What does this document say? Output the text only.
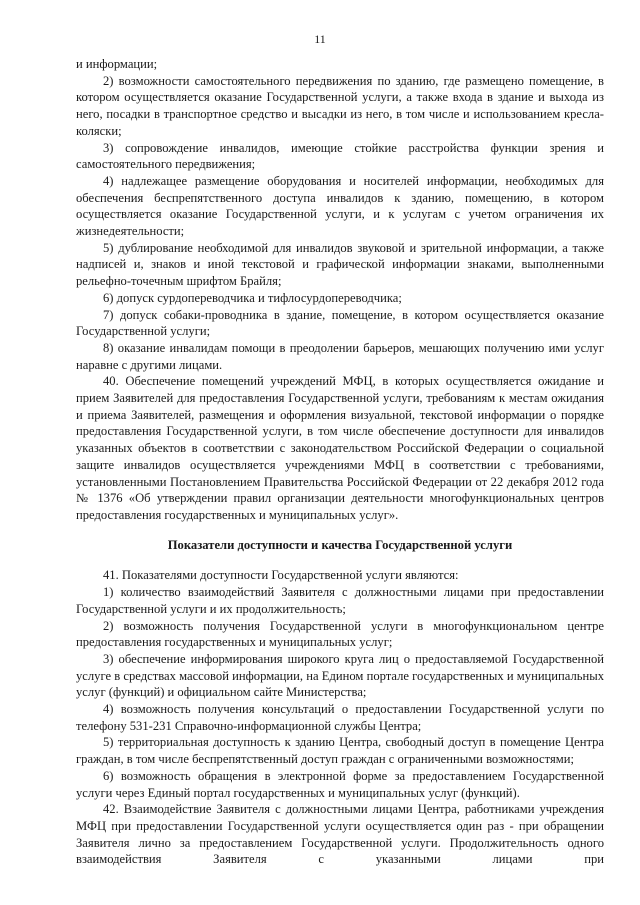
11

и информации;

2) возможности самостоятельного передвижения по зданию, где размещено помещение, в котором осуществляется оказание Государственной услуги, а также входа в здание и выхода из него, посадки в транспортное средство и высадки из него, в том числе и использованием кресла-коляски;

3) сопровождение инвалидов, имеющие стойкие расстройства функции зрения и самостоятельного передвижения;

4) надлежащее размещение оборудования и носителей информации, необходимых для обеспечения беспрепятственного доступа инвалидов к зданию, помещению, в котором осуществляется оказание Государственной услуги, и к услугам с учетом ограничения их жизнедеятельности;

5) дублирование необходимой для инвалидов звуковой и зрительной информации, а также надписей и, знаков и иной текстовой и графической информации знаками, выполненными рельефно-точечным шрифтом Брайля;

6) допуск сурдопереводчика и тифлосурдопереводчика;

7) допуск собаки-проводника в здание, помещение, в котором осуществляется оказание Государственной услуги;

8) оказание инвалидам помощи в преодолении барьеров, мешающих получению ими услуг наравне с другими лицами.

40. Обеспечение помещений учреждений МФЦ, в которых осуществляется ожидание и прием Заявителей для предоставления Государственной услуги, требованиям к местам ожидания и приема Заявителей, размещения и оформления визуальной, текстовой информации о порядке предоставления Государственной услуги, в том числе обеспечение доступности для инвалидов указанных объектов в соответствии с законодательством Российской Федерации о социальной защите инвалидов осуществляется учреждениями МФЦ в соответствии с требованиями, установленными Постановлением Правительства Российской Федерации от 22 декабря 2012 года № 1376 «Об утверждении правил организации деятельности многофункциональных центров предоставления государственных и муниципальных услуг».

Показатели доступности и качества Государственной услуги

41. Показателями доступности Государственной услуги являются:

1) количество взаимодействий Заявителя с должностными лицами при предоставлении Государственной услуги и их продолжительность;

2) возможность получения Государственной услуги в многофункциональном центре предоставления государственных и муниципальных услуг;

3) обеспечение информирования широкого круга лиц о предоставляемой Государственной услуге в средствах массовой информации, на Едином портале государственных и муниципальных услуг (функций) и официальном сайте Министерства;

4) возможность получения консультаций о предоставлении Государственной услуги по телефону 531-231 Справочно-информационной службы Центра;

5) территориальная доступность к зданию Центра, свободный доступ в помещение Центра граждан, в том числе беспрепятственный доступ граждан с ограниченными возможностями;

6) возможность обращения в электронной форме за предоставлением Государственной услуги через Единый портал государственных и муниципальных услуг (функций).

42. Взаимодействие Заявителя с должностными лицами Центра, работниками учреждения МФЦ при предоставлении Государственной услуги осуществляется один раз - при обращении Заявителя лично за предоставлением Государственной услуги. Продолжительность одного взаимодействия Заявителя с указанными лицами при
